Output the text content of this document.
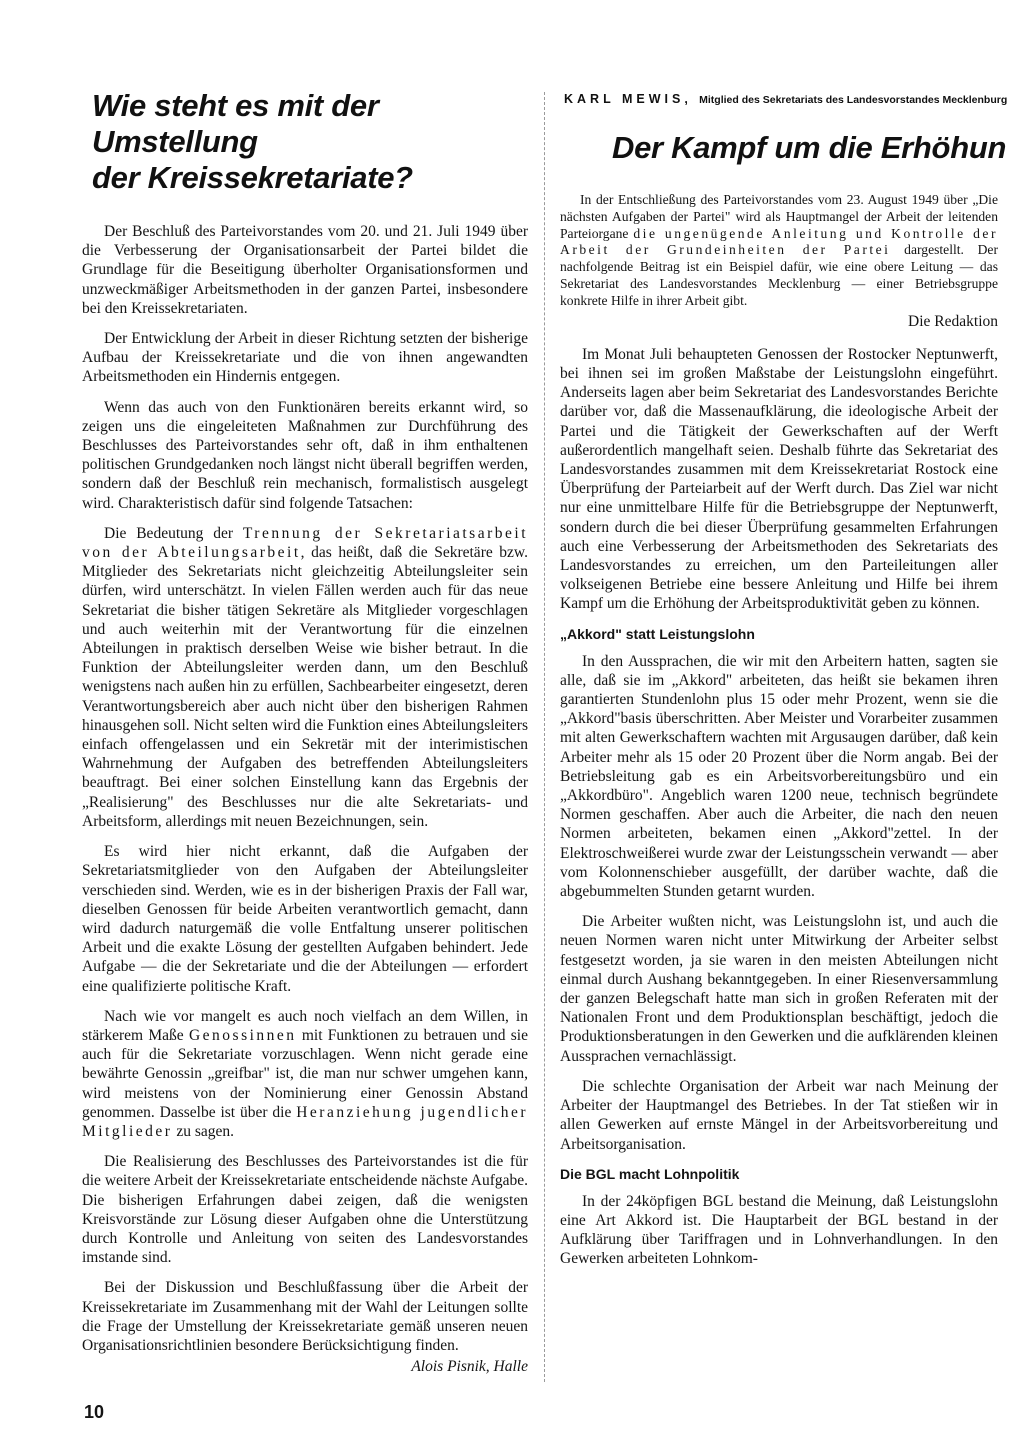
Wie steht es mit der Umstellung
der Kreissekretariate?

Der Beschluß des Parteivorstandes vom 20. und 21. Juli 1949 über die Verbesserung der Organisationsarbeit der Partei bildet die Grundlage für die Beseitigung überholter Organisationsformen und unzweckmäßiger Arbeitsmethoden in der ganzen Partei, insbesondere bei den Kreissekretariaten.

Der Entwicklung der Arbeit in dieser Richtung setzten der bisherige Aufbau der Kreissekretariate und die von ihnen angewandten Arbeitsmethoden ein Hindernis entgegen.

Wenn das auch von den Funktionären bereits erkannt wird, so zeigen uns die eingeleiteten Maßnahmen zur Durchführung des Beschlusses des Parteivorstandes sehr oft, daß in ihm enthaltenen politischen Grundgedanken noch längst nicht überall begriffen werden, sondern daß der Beschluß rein mechanisch, formalistisch ausgelegt wird. Charakteristisch dafür sind folgende Tatsachen:

Die Bedeutung der Trennung der Sekretariatsarbeit von der Abteilungsarbeit, das heißt, daß die Sekretäre bzw. Mitglieder des Sekretariats nicht gleichzeitig Abteilungsleiter sein dürfen, wird unterschätzt. In vielen Fällen werden auch für das neue Sekretariat die bisher tätigen Sekretäre als Mitglieder vorgeschlagen und auch weiterhin mit der Verantwortung für die einzelnen Abteilungen in praktisch derselben Weise wie bisher betraut. In die Funktion der Abteilungsleiter werden dann, um den Beschluß wenigstens nach außen hin zu erfüllen, Sachbearbeiter eingesetzt, deren Verantwortungsbereich aber auch nicht über den bisherigen Rahmen hinausgehen soll. Nicht selten wird die Funktion eines Abteilungsleiters einfach offengelassen und ein Sekretär mit der interimistischen Wahrnehmung der Aufgaben des betreffenden Abteilungsleiters beauftragt. Bei einer solchen Einstellung kann das Ergebnis der „Realisierung" des Beschlusses nur die alte Sekretariats- und Arbeitsform, allerdings mit neuen Bezeichnungen, sein.

Es wird hier nicht erkannt, daß die Aufgaben der Sekretariatsmitglieder von den Aufgaben der Abteilungsleiter verschieden sind. Werden, wie es in der bisherigen Praxis der Fall war, dieselben Genossen für beide Arbeiten verantwortlich gemacht, dann wird dadurch naturgemäß die volle Entfaltung unserer politischen Arbeit und die exakte Lösung der gestellten Aufgaben behindert. Jede Aufgabe — die der Sekretariate und die der Abteilungen — erfordert eine qualifizierte politische Kraft.

Nach wie vor mangelt es auch noch vielfach an dem Willen, in stärkerem Maße Genossinnen mit Funktionen zu betrauen und sie auch für die Sekretariate vorzuschlagen. Wenn nicht gerade eine bewährte Genossin „greifbar" ist, die man nur schwer umgehen kann, wird meistens von der Nominierung einer Genossin Abstand genommen. Dasselbe ist über die Heranziehung jugendlicher Mitglieder zu sagen.

Die Realisierung des Beschlusses des Parteivorstandes ist die für die weitere Arbeit der Kreissekretariate entscheidende nächste Aufgabe. Die bisherigen Erfahrungen dabei zeigen, daß die wenigsten Kreisvorstände zur Lösung dieser Aufgaben ohne die Unterstützung durch Kontrolle und Anleitung von seiten des Landesvorstandes imstande sind.

Bei der Diskussion und Beschlußfassung über die Arbeit der Kreissekretariate im Zusammenhang mit der Wahl der Leitungen sollte die Frage der Umstellung der Kreissekretariate gemäß unseren neuen Organisationsrichtlinien besondere Berücksichtigung finden.

Alois Pisnik, Halle
KARL MEWIS, Mitglied des Sekretariats des Landesvorstandes Mecklenburg
Der Kampf um die Erhöhun

In der Entschließung des Parteivorstandes vom 23. August 1949 über „Die nächsten Aufgaben der Partei" wird als Hauptmangel der Arbeit der leitenden Parteiorgane die ungenügende Anleitung und Kontrolle der Arbeit der Grundeinheiten der Partei dargestellt. Der nachfolgende Beitrag ist ein Beispiel dafür, wie eine obere Leitung — das Sekretariat des Landesvorstandes Mecklenburg — einer Betriebsgruppe konkrete Hilfe in ihrer Arbeit gibt.

Die Redaktion

Im Monat Juli behaupteten Genossen der Rostocker Neptunwerft, bei ihnen sei im großen Maßstabe der Leistungslohn eingeführt. Anderseits lagen aber beim Sekretariat des Landesvorstandes Berichte darüber vor, daß die Massenaufklärung, die ideologische Arbeit der Partei und die Tätigkeit der Gewerkschaften auf der Werft außerordentlich mangelhaft seien. Deshalb führte das Sekretariat des Landesvorstandes zusammen mit dem Kreissekretariat Rostock eine Überprüfung der Parteiarbeit auf der Werft durch. Das Ziel war nicht nur eine unmittelbare Hilfe für die Betriebsgruppe der Neptunwerft, sondern durch die bei dieser Überprüfung gesammelten Erfahrungen auch eine Verbesserung der Arbeitsmethoden des Sekretariats des Landesvorstandes zu erreichen, um den Parteileitungen aller volkseigenen Betriebe eine bessere Anleitung und Hilfe bei ihrem Kampf um die Erhöhung der Arbeitsproduktivität geben zu können.

„Akkord" statt Leistungslohn

In den Aussprachen, die wir mit den Arbeitern hatten, sagten sie alle, daß sie im „Akkord" arbeiteten, das heißt sie bekamen ihren garantierten Stundenlohn plus 15 oder mehr Prozent, wenn sie die „Akkord"basis überschritten. Aber Meister und Vorarbeiter zusammen mit alten Gewerkschaftern wachten mit Argusaugen darüber, daß kein Arbeiter mehr als 15 oder 20 Prozent über die Norm angab. Bei der Betriebsleitung gab es ein Arbeitsvorbereitungsbüro und ein „Akkordbüro". Angeblich waren 1200 neue, technisch begründete Normen geschaffen. Aber auch die Arbeiter, die nach den neuen Normen arbeiteten, bekamen einen „Akkord"zettel. In der Elektroschweißerei wurde zwar der Leistungsschein verwandt — aber vom Kolonnenschieber ausgefüllt, der darüber wachte, daß die abgebummelten Stunden getarnt wurden.

Die Arbeiter wußten nicht, was Leistungslohn ist, und auch die neuen Normen waren nicht unter Mitwirkung der Arbeiter selbst festgesetzt worden, ja sie waren in den meisten Abteilungen nicht einmal durch Aushang bekanntgegeben. In einer Riesenversammlung der ganzen Belegschaft hatte man sich in großen Referaten mit der Nationalen Front und dem Produktionsplan beschäftigt, jedoch die Produktionsberatungen in den Gewerken und die aufklärenden kleinen Aussprachen vernachlässigt.

Die schlechte Organisation der Arbeit war nach Meinung der Arbeiter der Hauptmangel des Betriebes. In der Tat stießen wir in allen Gewerken auf ernste Mängel in der Arbeitsvorbereitung und Arbeitsorganisation.

Die BGL macht Lohnpolitik

In der 24köpfigen BGL bestand die Meinung, daß Leistungslohn eine Art Akkord ist. Die Hauptarbeit der BGL bestand in der Aufklärung über Tariffragen und in Lohnverhandlungen. In den Gewerken arbeiteten Lohnkom-

10
